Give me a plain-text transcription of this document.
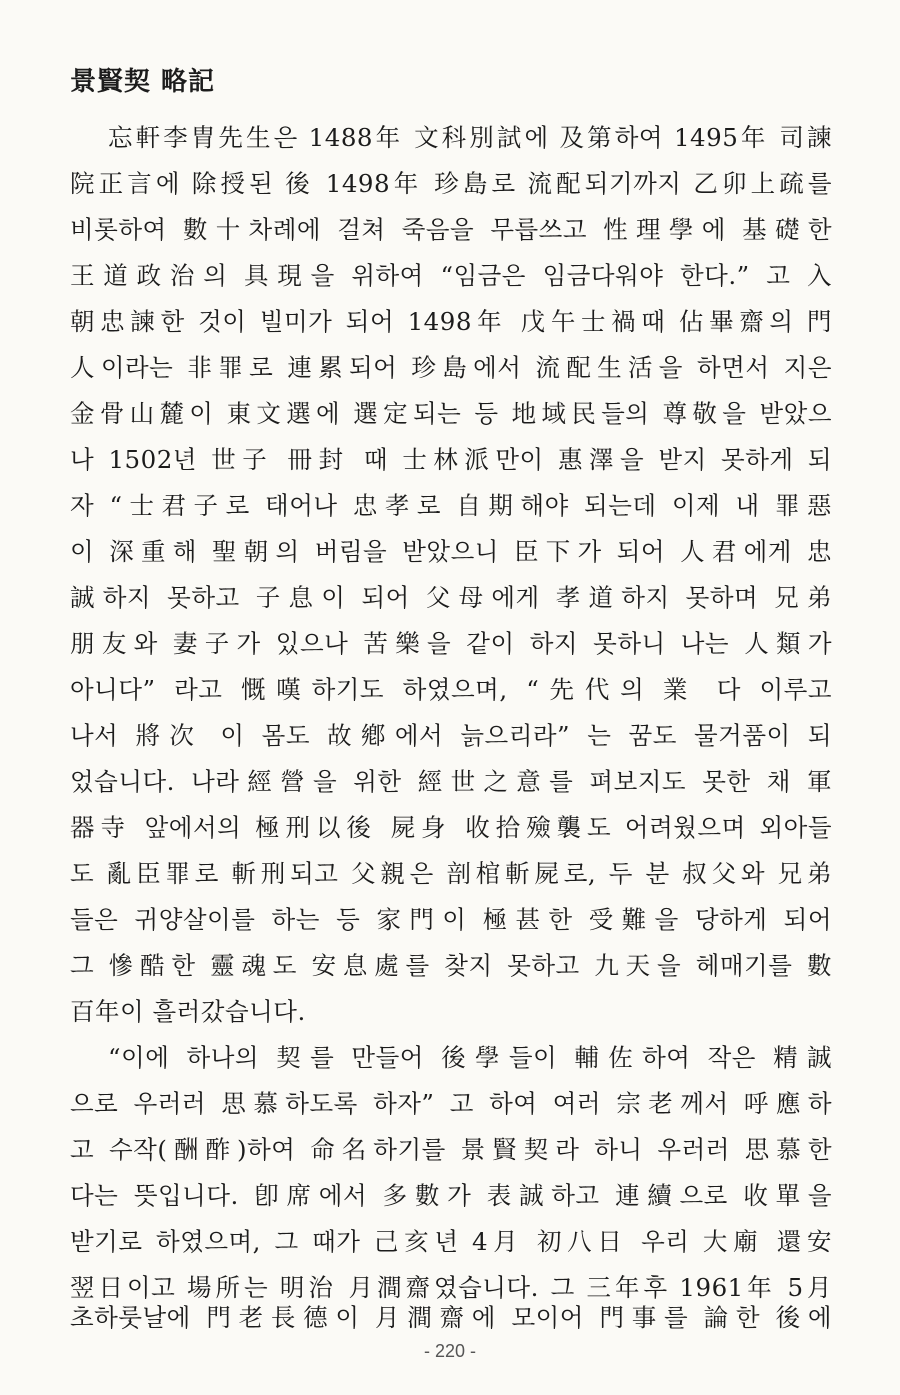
景賢契 略記
忘軒李胄先生은 1488年 文科別試에 及第하여 1495年 司諫
院正言에 除授된 後 1498年 珍島로 流配되기까지 乙卯上疏를
비롯하여 數十차례에 걸쳐 죽음을 무릅쓰고 性理學에 基礎한
王道政治의 具現을 위하여 “임금은 임금다워야 한다.” 고 入
朝忠諫한 것이 빌미가 되어 1498年 戊午士禍때 佔畢齋의 門
人이라는 非罪로 連累되어 珍島에서 流配生活을 하면서 지은
金骨山麓이 東文選에 選定되는 등 地域民들의 尊敬을 받았으
나 1502년 世子 冊封 때 士林派만이 惠澤을 받지 못하게 되
자 “士君子로 태어나 忠孝로 自期해야 되는데 이제 내 罪惡
이 深重해 聖朝의 버림을 받았으니 臣下가 되어 人君에게 忠
誠하지 못하고 子息이 되어 父母에게 孝道하지 못하며 兄弟
朋友와 妻子가 있으나 苦樂을 같이 하지 못하니 나는 人類가
아니다” 라고 慨嘆하기도 하였으며, “先代의 業 다 이루고
나서 將次 이 몸도 故鄕에서 늙으리라” 는 꿈도 물거품이 되
었습니다. 나라經營을 위한 經世之意를 펴보지도 못한 채 軍
器寺 앞에서의 極刑以後 屍身 收拾殮襲도 어려웠으며 외아들
도 亂臣罪로 斬刑되고 父親은 剖棺斬屍로, 두 분 叔父와 兄弟
들은 귀양살이를 하는 등 家門이 極甚한 受難을 당하게 되어
그 慘酷한 靈魂도 安息處를 찾지 못하고 九天을 헤매기를 數
百年이 흘러갔습니다.
“이에 하나의 契를 만들어 後學들이 輔佐하여 작은 精誠
으로 우러러 思慕하도록 하자” 고 하여 여러 宗老께서 呼應하
고 수작(酬酢)하여 命名하기를 景賢契라 하니 우러러 思慕한
다는 뜻입니다. 卽席에서 多數가 表誠하고 連續으로 收單을
받기로 하였으며, 그 때가 己亥년 4月 初八日 우리 大廟 還安
翌日이고 場所는 明治 月澗齋였습니다. 그 三年후 1961年 5月
초하룻날에 門老長德이 月澗齋에 모이어 門事를 論한 後에
- 220 -
